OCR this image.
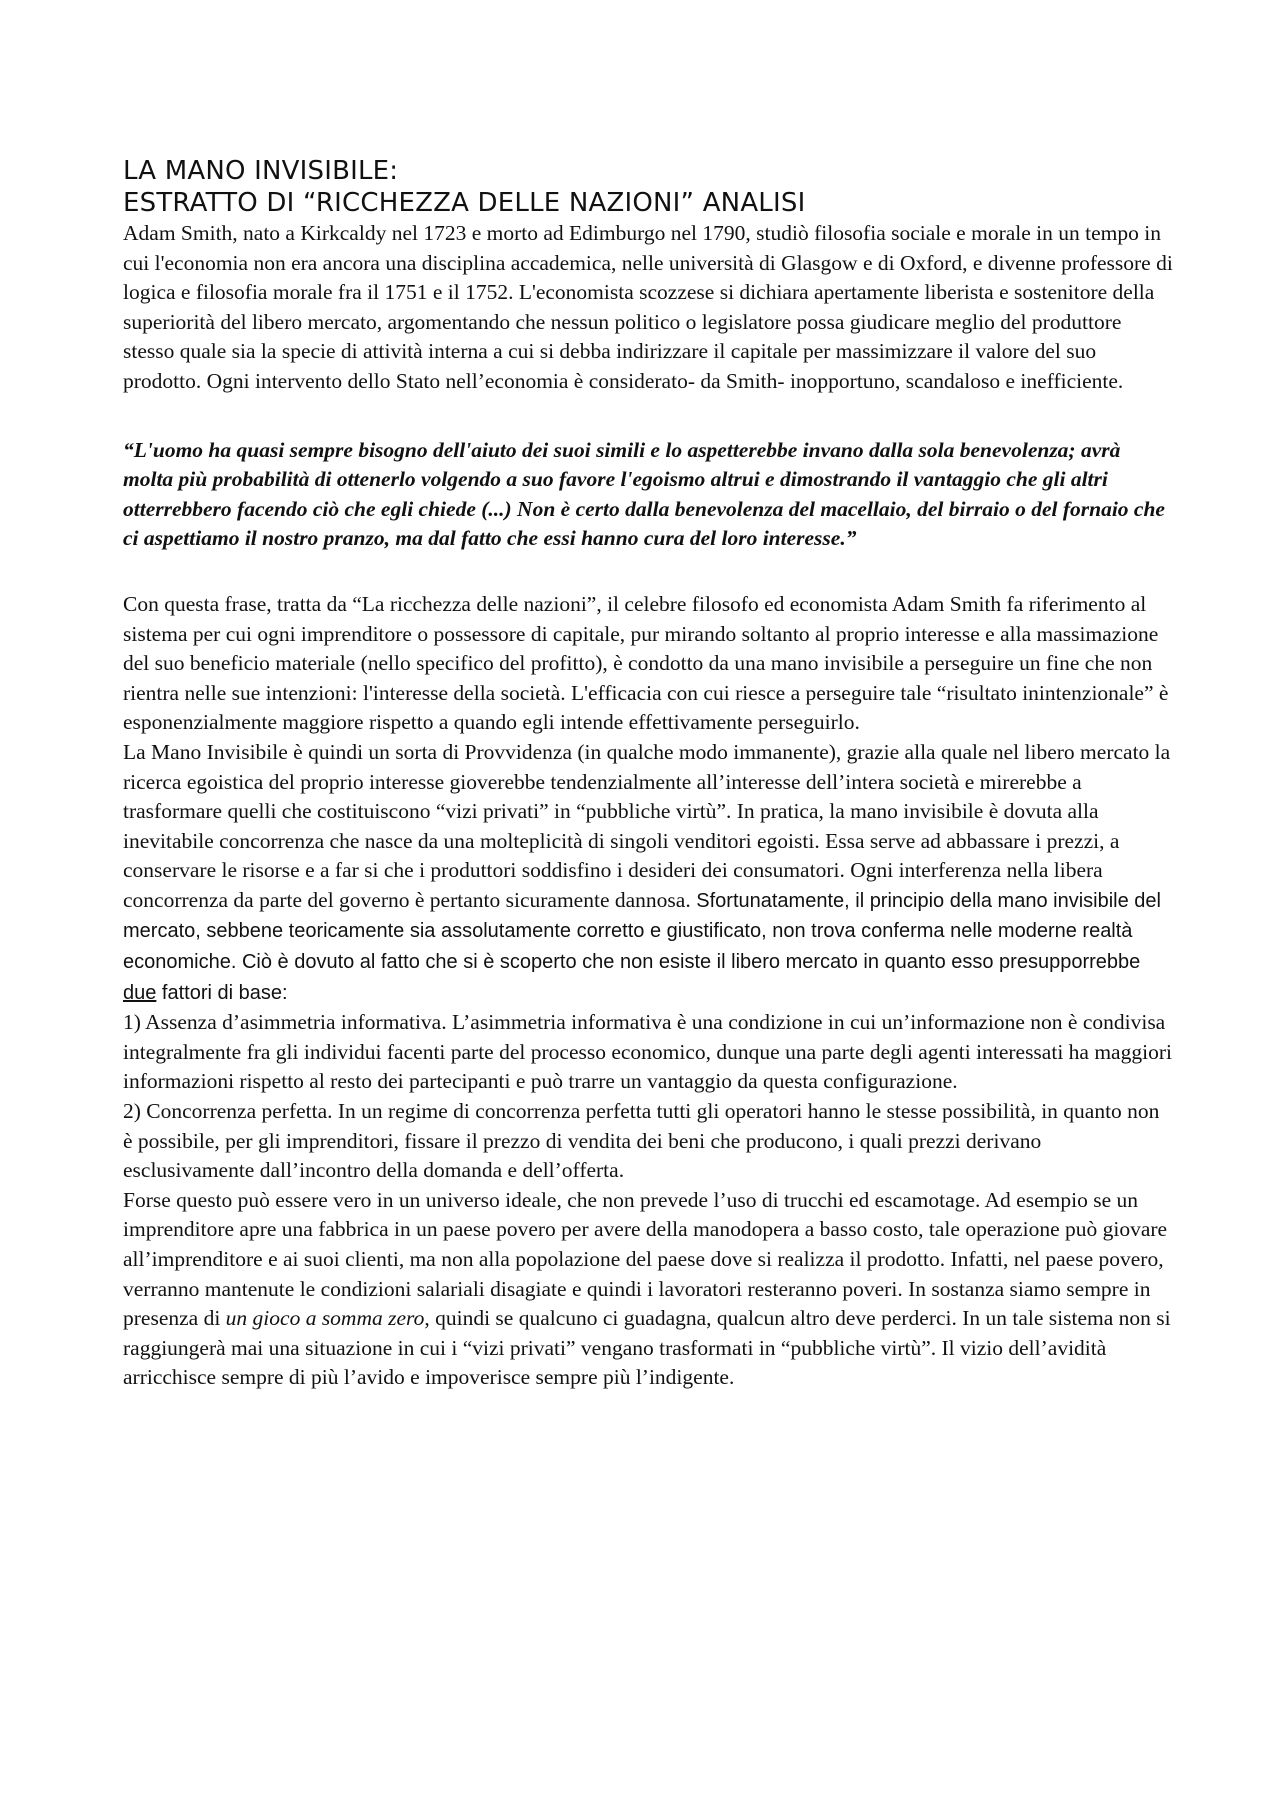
LA MANO INVISIBILE:
ESTRATTO DI “RICCHEZZA DELLE NAZIONI” ANALISI

Adam Smith, nato a Kirkcaldy nel 1723 e morto ad Edimburgo nel 1790, studiò filosofia sociale e morale in un tempo in cui l'economia non era ancora una disciplina accademica, nelle università di Glasgow e di Oxford, e divenne professore di logica e filosofia morale fra il 1751 e il 1752. L'economista scozzese si dichiara apertamente liberista e sostenitore della superiorità del libero mercato, argomentando che nessun politico o legislatore possa giudicare meglio del produttore stesso quale sia la specie di attività interna a cui si debba indirizzare il capitale per massimizzare il valore del suo prodotto. Ogni intervento dello Stato nell’economia è considerato- da Smith- inopportuno, scandaloso e inefficiente.

“L'uomo ha quasi sempre bisogno dell'aiuto dei suoi simili e lo aspetterebbe invano dalla sola benevolenza; avrà molta più probabilità di ottenerlo volgendo a suo favore l'egoismo altrui e dimostrando il vantaggio che gli altri otterrebbero facendo ciò che egli chiede (...) Non è certo dalla benevolenza del macellaio, del birraio o del fornaio che ci aspettiamo il nostro pranzo, ma dal fatto che essi hanno cura del loro interesse.”

Con questa frase, tratta da “La ricchezza delle nazioni”, il celebre filosofo ed economista Adam Smith fa riferimento al sistema per cui ogni imprenditore o possessore di capitale, pur mirando soltanto al proprio interesse e alla massimazione del suo beneficio materiale (nello specifico del profitto), è condotto da una mano invisibile a perseguire un fine che non rientra nelle sue intenzioni: l'interesse della società. L'efficacia con cui riesce a perseguire tale “risultato inintenzionale” è esponenzialmente maggiore rispetto a quando egli intende effettivamente perseguirlo.

La Mano Invisibile è quindi un sorta di Provvidenza (in qualche modo immanente), grazie alla quale nel libero mercato la ricerca egoistica del proprio interesse gioverebbe tendenzialmente all’interesse dell’intera società e mirerebbe a trasformare quelli che costituiscono “vizi privati” in “pubbliche virtù”. In pratica, la mano invisibile è dovuta alla inevitabile concorrenza che nasce da una molteplicità di singoli venditori egoisti. Essa serve ad abbassare i prezzi, a conservare le risorse e a far si che i produttori soddisfino i desideri dei consumatori. Ogni interferenza nella libera concorrenza da parte del governo è pertanto sicuramente dannosa. Sfortunatamente, il principio della mano invisibile del mercato, sebbene teoricamente sia assolutamente corretto e giustificato, non trova conferma nelle moderne realtà economiche. Ciò è dovuto al fatto che si è scoperto che non esiste il libero mercato in quanto esso presupporrebbe due fattori di base:

1) Assenza d’asimmetria informativa. L’asimmetria informativa è una condizione in cui un’informazione non è condivisa integralmente fra gli individui facenti parte del processo economico, dunque una parte degli agenti interessati ha maggiori informazioni rispetto al resto dei partecipanti e può trarre un vantaggio da questa configurazione.

2) Concorrenza perfetta. In un regime di concorrenza perfetta tutti gli operatori hanno le stesse possibilità, in quanto non è possibile, per gli imprenditori, fissare il prezzo di vendita dei beni che producono, i quali prezzi derivano esclusivamente dall’incontro della domanda e dell’offerta.

Forse questo può essere vero in un universo ideale, che non prevede l’uso di trucchi ed escamotage. Ad esempio se un imprenditore apre una fabbrica in un paese povero per avere della manodopera a basso costo, tale operazione può giovare all’imprenditore e ai suoi clienti, ma non alla popolazione del paese dove si realizza il prodotto. Infatti, nel paese povero, verranno mantenute le condizioni salariali disagiate e quindi i lavoratori resteranno poveri. In sostanza siamo sempre in presenza di un gioco a somma zero, quindi se qualcuno ci guadagna, qualcun altro deve perderci. In un tale sistema non si raggiungerà mai una situazione in cui i “vizi privati” vengano trasformati in “pubbliche virtù”. Il vizio dell’avidità arricchisce sempre di più l’avido e impoverisce sempre più l’indigente.
